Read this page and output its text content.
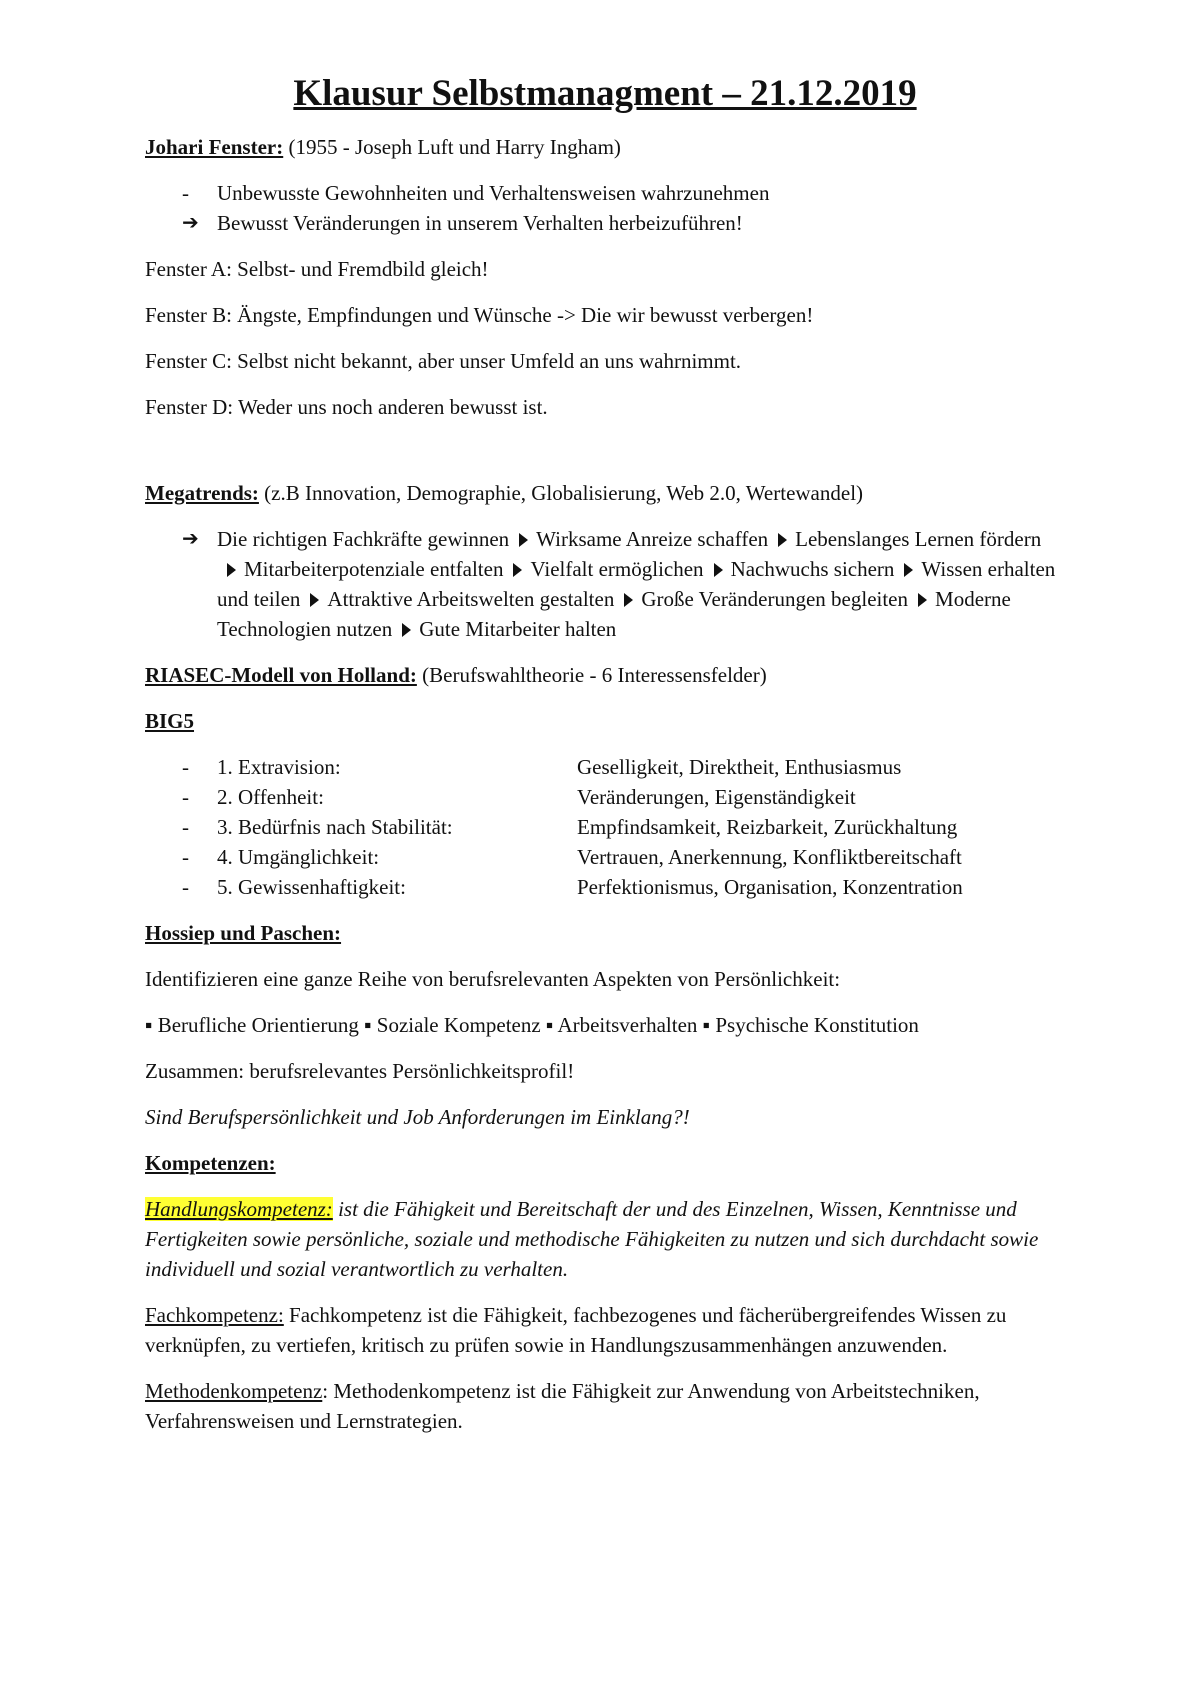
Klausur Selbstmanagment – 21.12.2019

Johari Fenster: (1955 - Joseph Luft und Harry Ingham)

-	Unbewusste Gewohnheiten und Verhaltensweisen wahrzunehmen
➔ Bewusst Veränderungen in unserem Verhalten herbeizuführen!

Fenster A: Selbst- und Fremdbild gleich!

Fenster B: Ängste, Empfindungen und Wünsche -> Die wir bewusst verbergen!

Fenster C: Selbst nicht bekannt, aber unser Umfeld an uns wahrnimmt.

Fenster D: Weder uns noch anderen bewusst ist.

Megatrends: (z.B Innovation, Demographie, Globalisierung, Web 2.0, Wertewandel)

➔ Die richtigen Fachkräfte gewinnen Wirksame Anreize schaffen Lebenslanges Lernen fördernMitarbeiterpotenziale entfalten Vielfalt ermöglichen Nachwuchs sichern Wissen erhalten und teilen Attraktive Arbeitswelten gestalten Große Veränderungen begleiten Moderne Technologien nutzen Gute Mitarbeiter halten

RIASEC-Modell von Holland: (Berufswahltheorie - 6 Interessensfelder)

BIG5

-	1. Extravision:	Geselligkeit, Direktheit, Enthusiasmus
-	2. Offenheit:	Veränderungen, Eigenständigkeit
-	3. Bedürfnis nach Stabilität:	Empfindsamkeit, Reizbarkeit, Zurückhaltung
-	4. Umgänglichkeit:	Vertrauen, Anerkennung, Konfliktbereitschaft
-	5. Gewissenhaftigkeit:	Perfektionismus, Organisation, Konzentration

Hossiep und Paschen:

Identifizieren eine ganze Reihe von berufsrelevanten Aspekten von Persönlichkeit:

▪ Berufliche Orientierung ▪ Soziale Kompetenz ▪ Arbeitsverhalten ▪ Psychische Konstitution

Zusammen: berufsrelevantes Persönlichkeitsprofil!

Sind Berufspersönlichkeit und Job Anforderungen im Einklang?!

Kompetenzen:

Handlungskompetenz: ist die Fähigkeit und Bereitschaft der und des Einzelnen, Wissen, Kenntnisse und Fertigkeiten sowie persönliche, soziale und methodische Fähigkeiten zu nutzen und sich durchdacht sowie individuell und sozial verantwortlich zu verhalten.

Fachkompetenz: Fachkompetenz ist die Fähigkeit, fachbezogenes und fächerübergreifendes Wissen zu verknüpfen, zu vertiefen, kritisch zu prüfen sowie in Handlungszusammenhängen anzuwenden.

Methodenkompetenz: Methodenkompetenz ist die Fähigkeit zur Anwendung von Arbeitstechniken, Verfahrensweisen und Lernstrategien.
